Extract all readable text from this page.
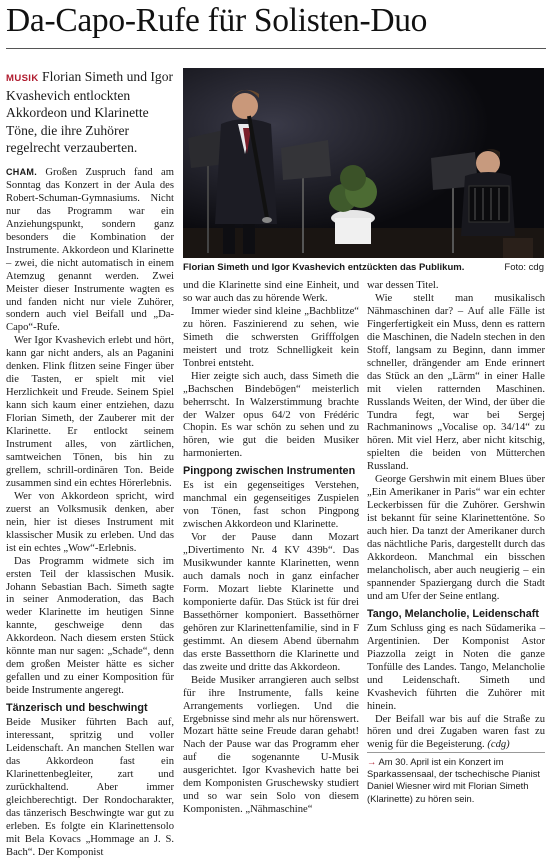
Da-Capo-Rufe für Solisten-Duo
MUSIK Florian Simeth und Igor Kvashevich entlockten Akkordeon und Klarinette Töne, die ihre Zuhörer regelrecht verzauberten.
Florian Simeth und Igor Kvashevich entzückten das Publikum.	Foto: cdg

CHAM. Großen Zuspruch fand am Sonntag das Konzert in der Aula des Robert-Schuman-Gymnasiums. Nicht nur das Programm war ein Anziehungspunkt, sondern ganz besonders die Kombination der Instrumente. Akkordeon und Klarinette – zwei, die nicht automatisch in einem Atemzug genannt werden. Zwei Meister dieser Instrumente wagten es und fanden nicht nur viele Zuhörer, sondern auch viel Beifall und „Da-Capo“-Rufe.

Wer Igor Kvashevich erlebt und hört, kann gar nicht anders, als an Paganini denken. Flink flitzen seine Finger über die Tasten, er spielt mit viel Herzlichkeit und Freude. Seinem Spiel kann sich kaum einer entziehen, dazu Florian Simeth, der Zauberer mit der Klarinette. Er entlockt seinem Instrument alles, von zärtlichen, samtweichen Tönen, bis hin zu grellem, schrill-ordinären Ton. Beide zusammen sind ein echtes Hörerlebnis.

Wer von Akkordeon spricht, wird zuerst an Volksmusik denken, aber nein, hier ist dieses Instrument mit klassischer Musik zu erleben. Und das ist ein echtes „Wow“-Erlebnis.

Das Programm widmete sich im ersten Teil der klassischen Musik. Johann Sebastian Bach. Simeth sagte in seiner Anmoderation, das Bach weder Klarinette im heutigen Sinne kannte, geschweige denn das Akkordeon. Nach diesem ersten Stück könnte man nur sagen: „Schade“, denn dem großen Meister hätte es sicher gefallen und zu einer Komposition für beide Instrumente angeregt.

Tänzerisch und beschwingt

Beide Musiker führten Bach auf, interessant, spritzig und voller Leidenschaft. An manchen Stellen war das Akkordeon fast ein Klarinettenbegleiter, zart und zurückhaltend. Aber immer gleichberechtigt. Der Rondocharakter, das tänzerisch Beschwingte war gut zu erleben. Es folgte ein Klarinettensolo mit Bela Kovacs „Hommage an J. S. Bach“. Der Komponist

und die Klarinette sind eine Einheit, und so war auch das zu hörende Werk.

Immer wieder sind kleine „Bachblitze“ zu hören. Faszinierend zu sehen, wie Simeth die schwersten Grifffolgen meistert und trotz Schnelligkeit kein Tonbrei entsteht.

Hier zeigte sich auch, dass Simeth die „Bachschen Bindebögen“ meisterlich beherrscht. In Walzerstimmung brachte der Walzer opus 64/2 von Frédéric Chopin. Es war schön zu sehen und zu hören, wie gut die beiden Musiker harmonierten.

Pingpong zwischen Instrumenten

Es ist ein gegenseitiges Verstehen, manchmal ein gegenseitiges Zuspielen von Tönen, fast schon Pingpong zwischen Akkordeon und Klarinette.

Vor der Pause dann Mozart „Divertimento Nr. 4 KV 439b“. Das Musikwunder kannte Klarinetten, wenn auch damals noch in ganz einfacher Form. Mozart liebte Klarinette und komponierte dafür. Das Stück ist für drei Bassethörner komponiert. Bassethörner gehören zur Klarinettenfamilie, sind in F gestimmt. An diesem Abend übernahm das erste Bassetthorn die Klarinette und das zweite und dritte das Akkordeon.

Beide Musiker arrangieren auch selbst für ihre Instrumente, falls keine Arrangements vorliegen. Und die Ergebnisse sind mehr als nur hörenswert. Mozart hätte seine Freude daran gehabt! Nach der Pause war das Programm eher auf die sogenannte U-Musik ausgerichtet. Igor Kvashevich hatte bei dem Komponisten Gruschewsky studiert und so war sein Solo von diesem Komponisten. „Nähmaschine“

war dessen Titel.

Wie stellt man musikalisch Nähmaschinen dar? – Auf alle Fälle ist Fingerfertigkeit ein Muss, denn es rattern die Maschinen, die Nadeln stechen in den Stoff, langsam zu Beginn, dann immer schneller, drängender am Ende erinnert das Stück an den „Lärm“ in einer Halle mit vielen ratternden Maschinen. Russlands Weiten, der Wind, der über die Tundra fegt, war bei Sergej Rachmaninows „Vocalise op. 34/14“ zu hören. Mit viel Herz, aber nicht kitschig, spielten die beiden von Mütterchen Russland.

George Gershwin mit einem Blues über „Ein Amerikaner in Paris“ war ein echter Leckerbissen für die Zuhörer. Gershwin ist bekannt für seine Klarinettentöne. So auch hier. Da tanzt der Amerikaner durch das nächtliche Paris, dargestellt durch das Akkordeon. Manchmal ein bisschen melancholisch, aber auch neugierig – ein spannender Spaziergang durch die Stadt und am Ufer der Seine entlang.

Tango, Melancholie, Leidenschaft

Zum Schluss ging es nach Südamerika – Argentinien. Der Komponist Astor Piazzolla zeigt in Noten die ganze Tonfülle des Landes. Tango, Melancholie und Leidenschaft. Simeth und Kvashevich führten die Zuhörer mit hinein.

Der Beifall war bis auf die Straße zu hören und drei Zugaben waren fast zu wenig für die Begeisterung. (cdg)

→ Am 30. April ist ein Konzert im Sparkassensaal, der tschechische Pianist Daniel Wiesner wird mit Florian Simeth (Klarinette) zu hören sein.
